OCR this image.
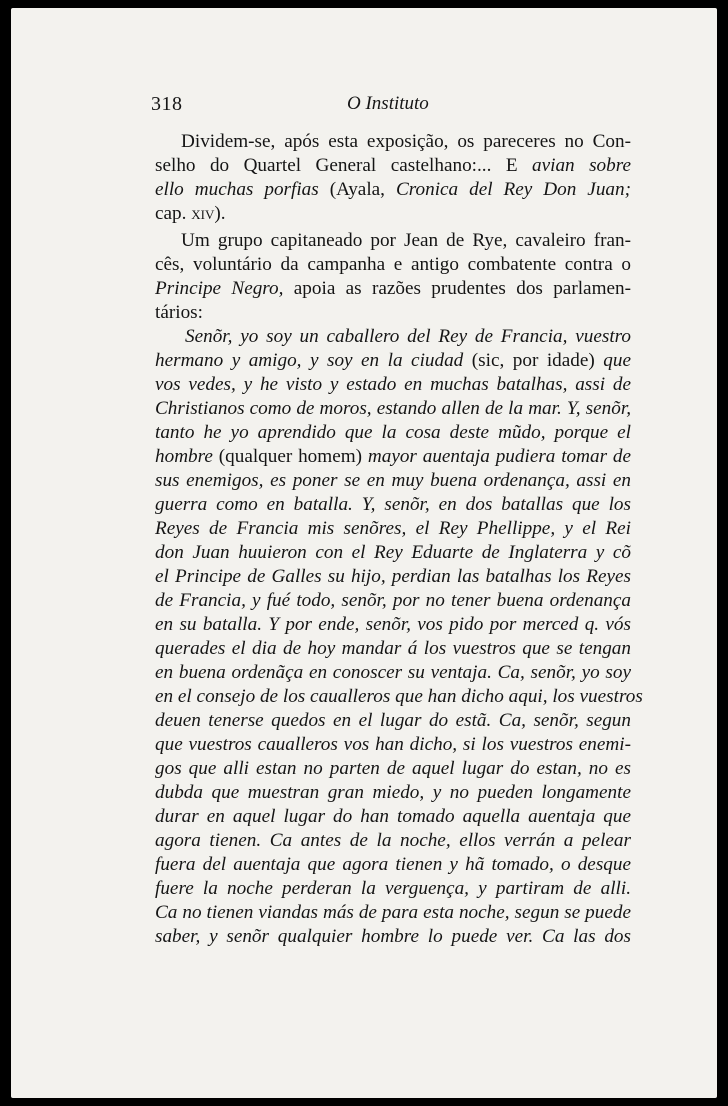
318	O Instituto
Dividem-se, após esta exposição, os pareceres no Con-
selho do Quartel General castelhano:... E avian sobre
ello muchas porfias (Ayala, Cronica del Rey Don Juan;
cap. xiv).
Um grupo capitaneado por Jean de Rye, cavaleiro fran-
cês, voluntário da campanha e antigo combatente contra o
Principe Negro, apoia as razões prudentes dos parlamen-
tários:
Senõr, yo soy un caballero del Rey de Francia, vuestro
hermano y amigo, y soy en la ciudad (sic, por idade) que
vos vedes, y he visto y estado en muchas batalhas, assi de
Christianos como de moros, estando allen de la mar. Y, senõr,
tanto he yo aprendido que la cosa deste mũdo, porque el
hombre (qualquer homem) mayor auentaja pudiera tomar de
sus enemigos, es poner se en muy buena ordenança, assi en
guerra como en batalla. Y, senõr, en dos batallas que los
Reyes de Francia mis senõres, el Rey Phellippe, y el Rei
don Juan huuieron con el Rey Eduarte de Inglaterra y cõ
el Principe de Galles su hijo, perdian las batalhas los Reyes
de Francia, y fué todo, senõr, por no tener buena ordenança
en su batalla. Y por ende, senõr, vos pido por merced q. vós
querades el dia de hoy mandar á los vuestros que se tengan
en buena ordenãça en conoscer su ventaja. Ca, senõr, yo soy
en el consejo de los caualleros que han dicho aqui, los vuestros
deuen tenerse quedos en el lugar do estã. Ca, senõr, segun
que vuestros caualleros vos han dicho, si los vuestros enemi-
gos que alli estan no parten de aquel lugar do estan, no es
dubda que muestran gran miedo, y no pueden longamente
durar en aquel lugar do han tomado aquella auentaja que
agora tienen. Ca antes de la noche, ellos verrán a pelear
fuera del auentaja que agora tienen y hã tomado, o desque
fuere la noche perderan la verguença, y partiram de alli.
Ca no tienen viandas más de para esta noche, segun se puede
saber, y senõr qualquier hombre lo puede ver. Ca las dos
